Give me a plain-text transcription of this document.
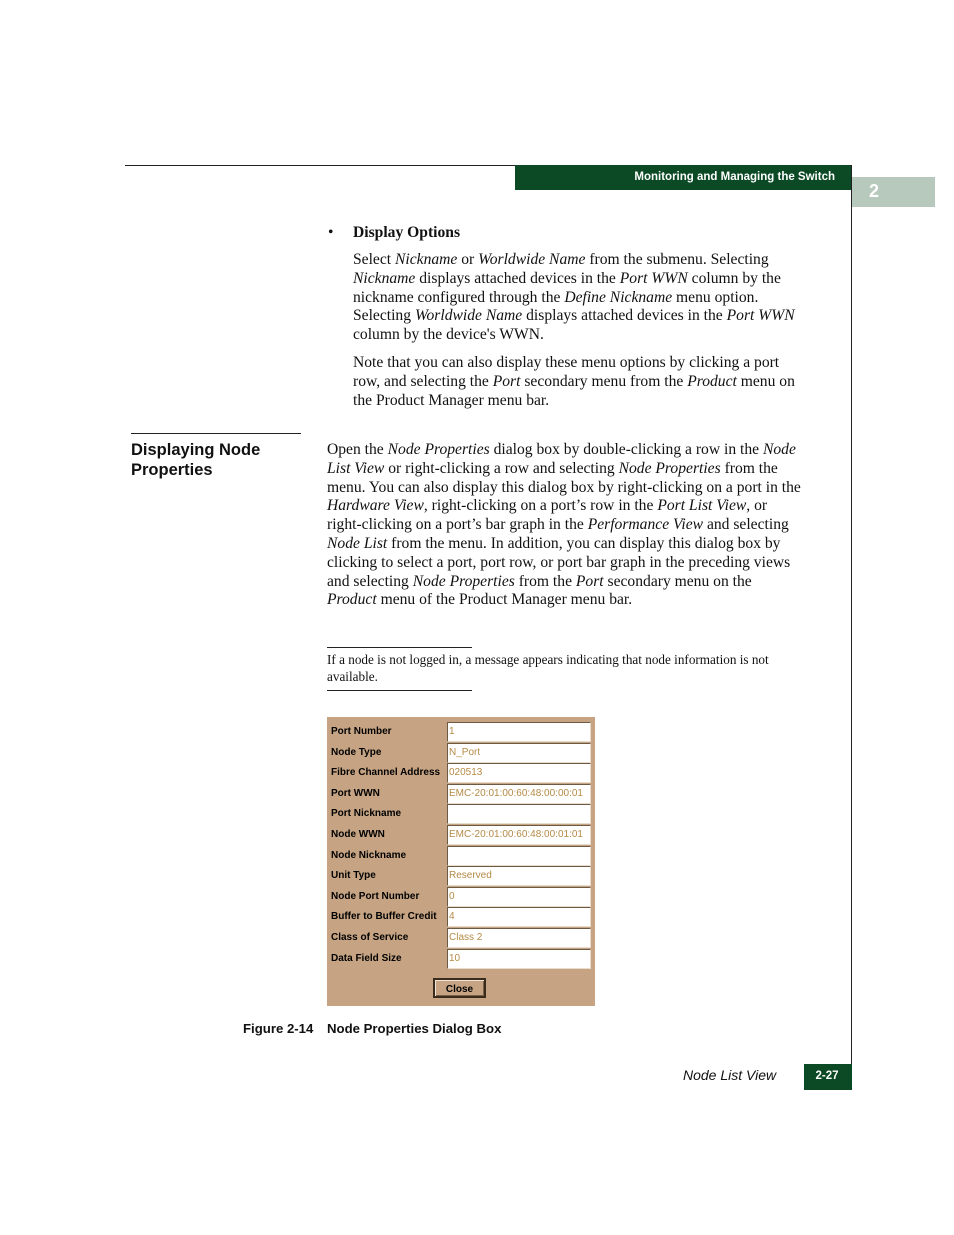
Monitoring and Managing the Switch
2
• Display Options
Select Nickname or Worldwide Name from the submenu. Selecting Nickname displays attached devices in the Port WWN column by the nickname configured through the Define Nickname menu option. Selecting Worldwide Name displays attached devices in the Port WWN column by the device's WWN.
Note that you can also display these menu options by clicking a port row, and selecting the Port secondary menu from the Product menu on the Product Manager menu bar.
Displaying Node Properties
Open the Node Properties dialog box by double-clicking a row in the Node List View or right-clicking a row and selecting Node Properties from the menu. You can also display this dialog box by right-clicking on a port in the Hardware View, right-clicking on a port’s row in the Port List View, or right-clicking on a port’s bar graph in the Performance View and selecting Node List from the menu. In addition, you can display this dialog box by clicking to select a port, port row, or port bar graph in the preceding views and selecting Node Properties from the Port secondary menu on the Product menu of the Product Manager menu bar.
If a node is not logged in, a message appears indicating that node information is not available.
Port Number	1
Node Type	N_Port
Fibre Channel Address 020513
Port WWN	EMC-20:01:00:60:48:00:00:01
Port Nickname
Node WWN	EMC-20:01:00:60:48:00:01:01
Node Nickname
Unit Type	Reserved
Node Port Number	0
Buffer to Buffer Credit 4
Class of Service	Class 2
Data Field Size	10
Close
Figure 2-14 Node Properties Dialog Box
Node List View	2-27
